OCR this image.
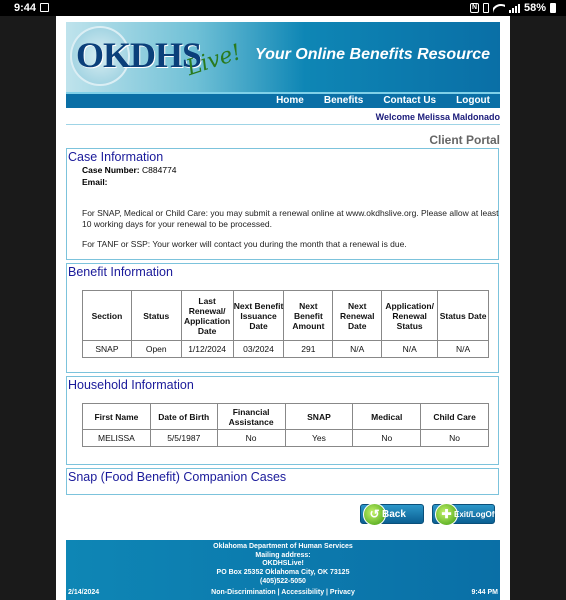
9:44	N	58%
OKDHS
Live! Your Online Benefits Resource
Home Benefits Contact Us Logout
Welcome Melissa Maldonado
Client Portal
Case Information
Case Number: C884774
Email:
For SNAP, Medical or Child Care: you may submit a renewal online at www.okdhslive.org. Please allow at least 10 working days for your renewal to be processed.
For TANF or SSP: Your worker will contact you during the month that a renewal is due.
Benefit Information
Section	Status	Last Renewal/ Application Date	Next Benefit Issuance Date	Next Benefit Amount	Next Renewal Date	Application/ Renewal Status	Status Date
SNAP	Open	1/12/2024	03/2024	291	N/A	N/A	N/A
Household Information
First Name	Date of Birth	Financial Assistance	SNAP	Medical	Child Care
MELISSA	5/5/1987	No	Yes	No	No
Snap (Food Benefit) Companion Cases
↺ Back	✚ Exit/LogOff
Oklahoma Department of Human Services
Mailing address:
OKDHSLive!
PO Box 25352 Oklahoma City, OK 73125
(405)522-5050
Non-Discrimination | Accessibility | Privacy
2/14/2024	9:44 PM
